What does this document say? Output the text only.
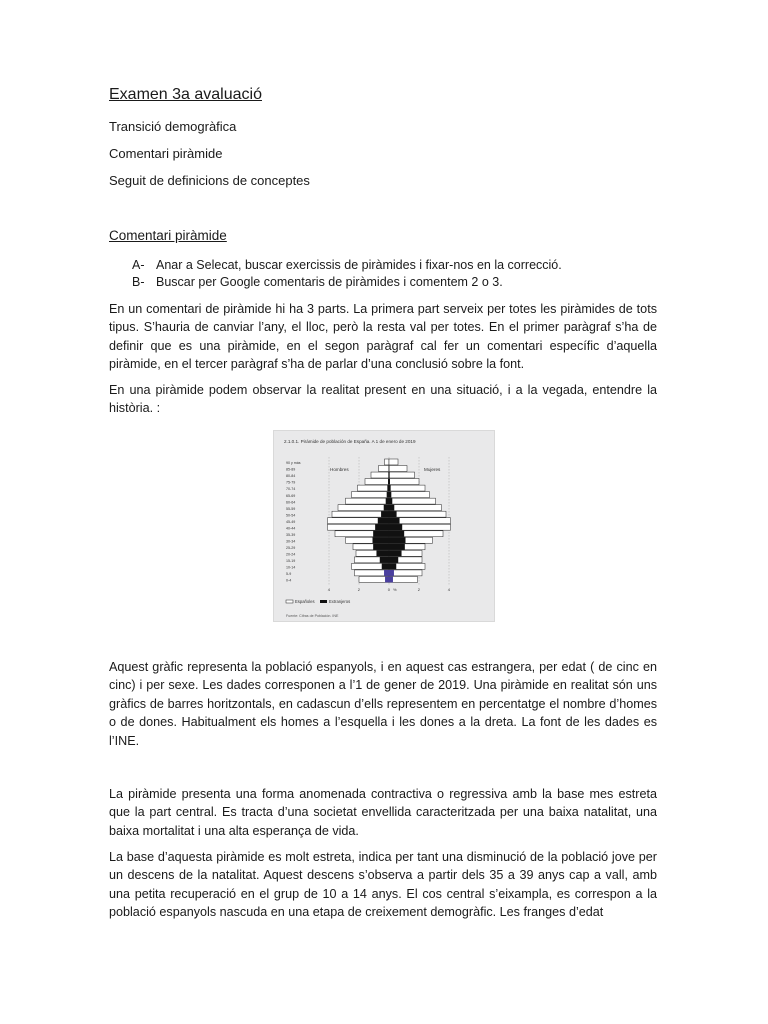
Examen 3a avaluació

Transició demogràfica

Comentari piràmide

Seguit de definicions de conceptes

Comentari piràmide
A- Anar a Selecat, buscar exercissis de piràmides i fixar-nos en la correcció.
B- Buscar per Google comentaris de piràmides i comentem 2 o 3.

En un comentari de piràmide hi ha 3 parts. La primera part serveix per totes les piràmides de tots tipus. S’hauria de canviar l’any, el lloc, però la resta val per totes. En el primer paràgraf s’ha de definir que es una piràmide, en el segon paràgraf cal fer un comentari específic d’aquella piràmide, en el tercer paràgraf s’ha de parlar d’una conclusió sobre la font.

En una piràmide podem observar la realitat present en una situació, i a la vegada, entendre la història. :

2.1.0.1. Pirámide de población de España. A 1 de enero de 2019
Hombres	Mujeres
0-4
5-9
10-14
15-19
20-24
25-29
30-34
35-39
40-44
45-49
50-54
55-59
60-64
65-69
70-74
75-79
80-84
85-89
90 y más
4	2	0	2	4
%
Españoles	Extranjeros
Fuente: Cifras de Población. INE

Aquest gràfic representa la població espanyols, i en aquest cas estrangera, per edat ( de cinc en cinc) i per sexe. Les dades corresponen a l’1 de gener de 2019. Una piràmide en realitat són uns gràfics de barres horitzontals, en cadascun d’ells representem en percentatge el nombre d’homes o de dones. Habitualment els homes a l’esquella i les dones a la dreta. La font de les dades es l’INE.

La piràmide presenta una forma anomenada contractiva o regressiva amb la base mes estreta que la part central. Es tracta d’una societat envellida caracteritzada per una baixa natalitat, una baixa mortalitat i una alta esperança de vida.

La base d’aquesta piràmide es molt estreta, indica per tant una disminució de la població jove per un descens de la natalitat. Aquest descens s’observa a partir dels 35 a 39 anys cap a vall, amb una petita recuperació en el grup de 10 a 14 anys. El cos central s’eixampla, es correspon a la població espanyols nascuda en una etapa de creixement demogràfic. Les franges d’edat
